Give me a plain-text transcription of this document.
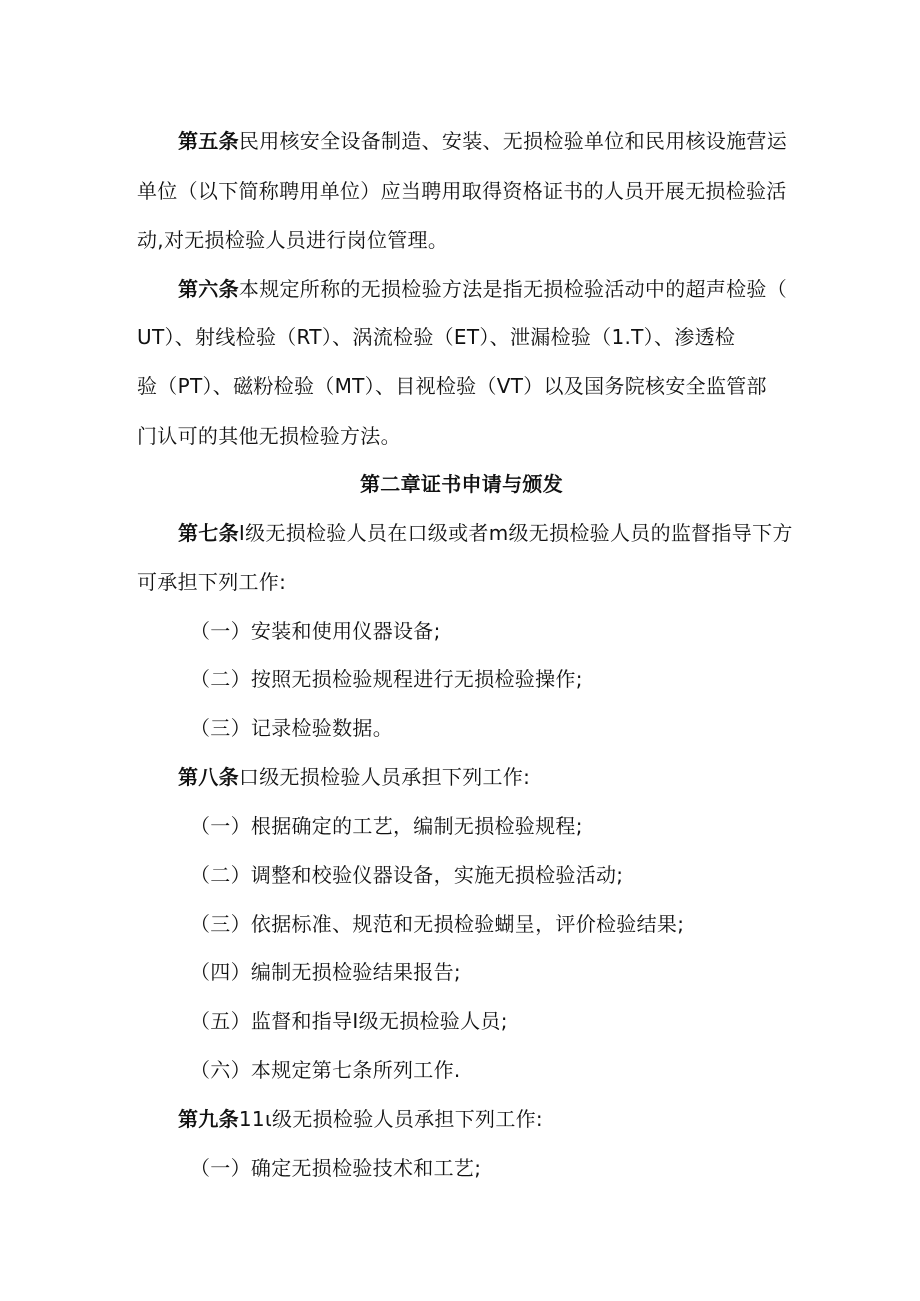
第五条民用核安全设备制造、安装、无损检验单位和民用核设施营运
单位（以下简称聘用单位）应当聘用取得资格证书的人员开展无损检验活
动,对无损检验人员进行岗位管理。
第六条本规定所称的无损检验方法是指无损检验活动中的超声检验（
UT）、射线检验（RT）、涡流检验（ET）、泄漏检验（1.T）、渗透检
验（PT）、磁粉检验（MT）、目视检验（VT）以及国务院核安全监管部
门认可的其他无损检验方法。
第二章证书申请与颁发
第七条I级无损检验人员在口级或者m级无损检验人员的监督指导下方
可承担下列工作:
（一）安装和使用仪器设备;
（二）按照无损检验规程进行无损检验操作;
（三）记录检验数据。
第八条口级无损检验人员承担下列工作:
（一）根据确定的工艺，编制无损检验规程;
（二）调整和校验仪器设备，实施无损检验活动;
（三）依据标准、规范和无损检验蝴呈，评价检验结果;
（四）编制无损检验结果报告;
（五）监督和指导I级无损检验人员;
（六）本规定第七条所列工作.
第九条11ι级无损检验人员承担下列工作:
（一）确定无损检验技术和工艺;
